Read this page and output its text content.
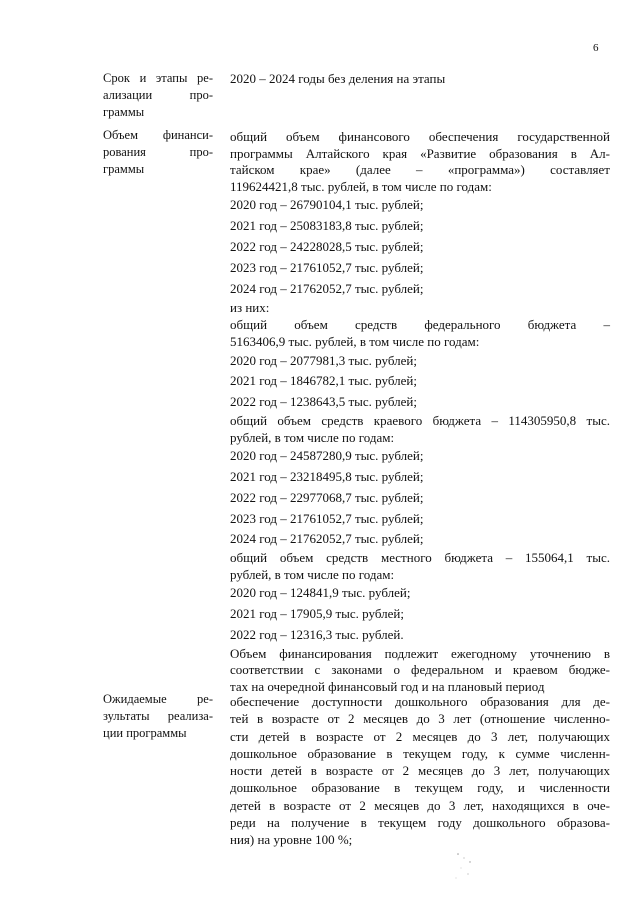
6
Срок и этапы ре-
ализации про-
граммы
2020 – 2024 годы без деления на этапы
Объем финанси-
рования про-
граммы
общий объем финансового обеспечения государственной
программы Алтайского края «Развитие образования в Ал-
тайском крае» (далее – «программа») составляет
119624421,8 тыс. рублей, в том числе по годам:
2020 год – 26790104,1 тыс. рублей;
2021 год – 25083183,8 тыс. рублей;
2022 год – 24228028,5 тыс. рублей;
2023 год – 21761052,7 тыс. рублей;
2024 год – 21762052,7 тыс. рублей;
из них:
общий объем средств федерального бюджета –
5163406,9 тыс. рублей, в том числе по годам:
2020 год – 2077981,3 тыс. рублей;
2021 год – 1846782,1 тыс. рублей;
2022 год – 1238643,5 тыс. рублей;
общий объем средств краевого бюджета – 114305950,8 тыс.
рублей, в том числе по годам:
2020 год – 24587280,9 тыс. рублей;
2021 год – 23218495,8 тыс. рублей;
2022 год – 22977068,7 тыс. рублей;
2023 год – 21761052,7 тыс. рублей;
2024 год – 21762052,7 тыс. рублей;
общий объем средств местного бюджета – 155064,1 тыс.
рублей, в том числе по годам:
2020 год – 124841,9 тыс. рублей;
2021 год – 17905,9 тыс. рублей;
2022 год – 12316,3 тыс. рублей.
Объем финансирования подлежит ежегодному уточнению в
соответствии с законами о федеральном и краевом бюдже-
тах на очередной финансовый год и на плановый период
Ожидаемые ре-
зультаты реализа-
ции программы
обеспечение доступности дошкольного образования для де-
тей в возрасте от 2 месяцев до 3 лет (отношение численно-
сти детей в возрасте от 2 месяцев до 3 лет, получающих
дошкольное образование в текущем году, к сумме численн-
ности детей в возрасте от 2 месяцев до 3 лет, получающих
дошкольное образование в текущем году, и численности
детей в возрасте от 2 месяцев до 3 лет, находящихся в оче-
реди на получение в текущем году дошкольного образова-
ния) на уровне 100 %;
